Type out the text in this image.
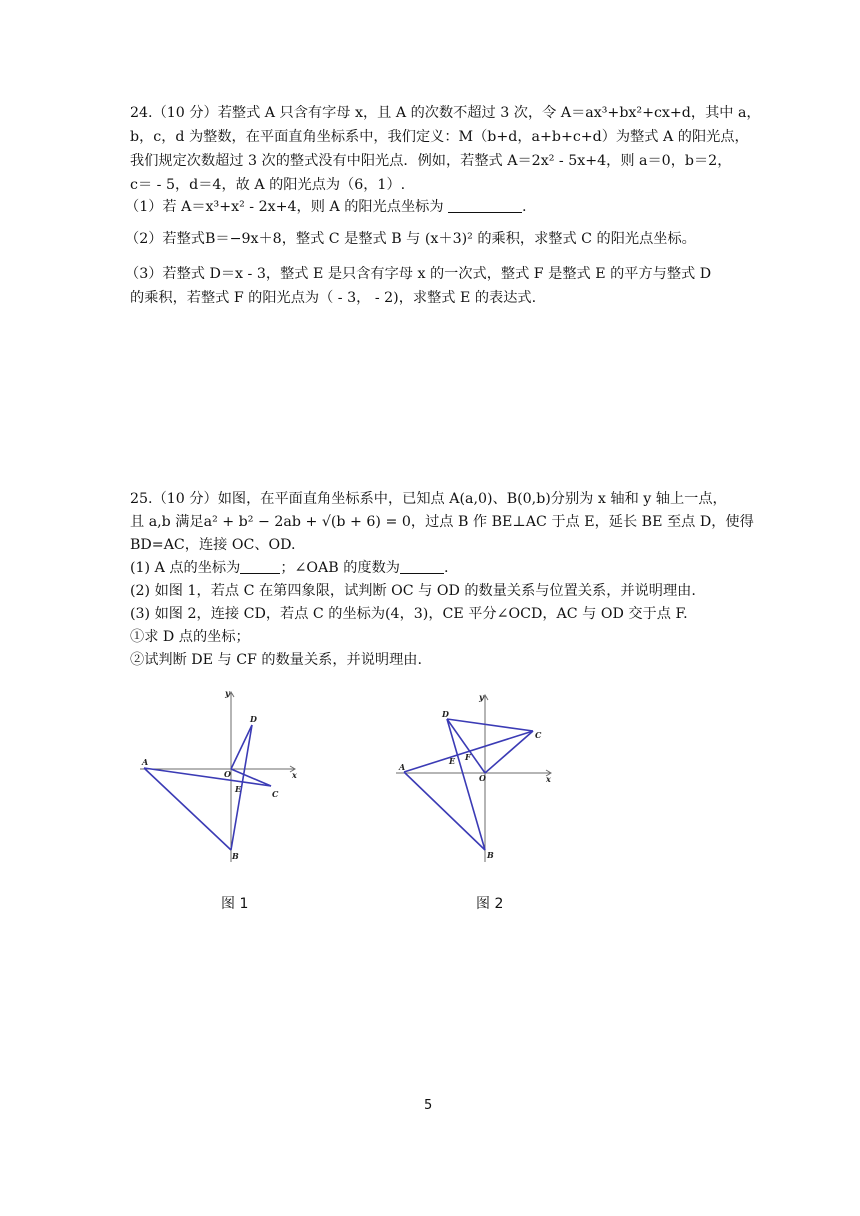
24.（10 分）若整式 A 只含有字母 x，且 A 的次数不超过 3 次，令 A＝ax³+bx²+cx+d，其中 a，
b，c，d 为整数，在平面直角坐标系中，我们定义：M（b+d，a+b+c+d）为整式 A 的阳光点，
我们规定次数超过 3 次的整式没有中阳光点．例如，若整式 A＝2x² - 5x+4，则 a＝0，b＝2，
c＝ - 5，d＝4，故 A 的阳光点为（6，1）.
（1）若 A＝x³+x² - 2x+4，则 A 的阳光点坐标为	.
（2）若整式B＝−9x＋8，整式 C 是整式 B 与 (x＋3)² 的乘积，求整式 C 的阳光点坐标。
（3）若整式 D＝x - 3，整式 E 是只含有字母 x 的一次式，整式 F 是整式 E 的平方与整式 D
的乘积，若整式 F 的阳光点为（ - 3， - 2)，求整式 E 的表达式.
25.（10 分）如图，在平面直角坐标系中，已知点 A(a,0)、B(0,b)分别为 x 轴和 y 轴上一点，
且 a,b 满足a² + b² − 2ab + √(b + 6) = 0，过点 B 作 BE⊥AC 于点 E，延长 BE 至点 D，使得
BD=AC，连接 OC、OD.
(1) A 点的坐标为	；∠OAB 的度数为	.
(2) 如图 1，若点 C 在第四象限，试判断 OC 与 OD 的数量关系与位置关系，并说明理由.
(3) 如图 2，连接 CD，若点 C 的坐标为(4，3)，CE 平分∠OCD，AC 与 OD 交于点 F.
①求 D 点的坐标；
②试判断 DE 与 CF 的数量关系，并说明理由.
y
x
A
O
D
E	C
B
y
x
A
D
C
E F
O
B
图 1	图 2
5
